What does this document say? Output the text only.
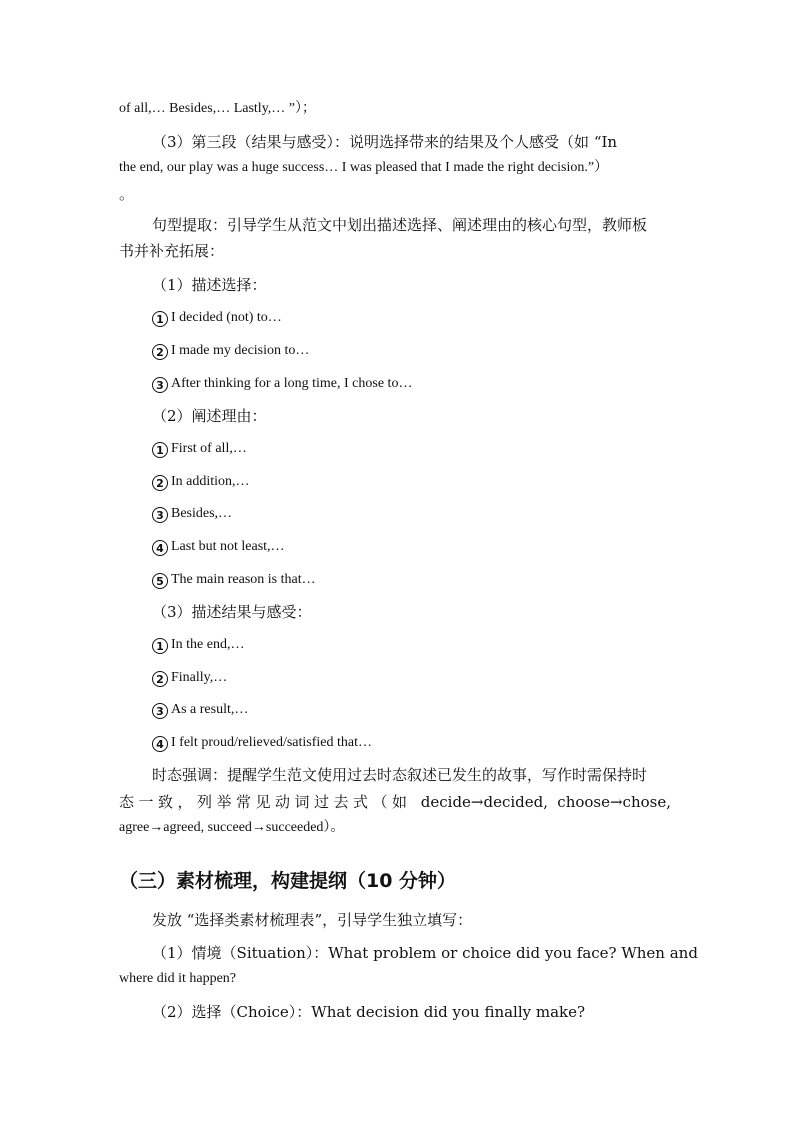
of all,… Besides,… Lastly,… ”）；
（3）第三段（结果与感受）：说明选择带来的结果及个人感受（如 “In
the end, our play was a huge success… I was pleased that I made the right decision.”）
。
句型提取：引导学生从范文中划出描述选择、阐述理由的核心句型，教师板
书并补充拓展：
（1）描述选择：
1 I decided (not) to…
2 I made my decision to…
3 After thinking for a long time, I chose to…
（2）阐述理由：
1 First of all,…
2 In addition,…
3 Besides,…
4 Last but not least,…
5 The main reason is that…
（3）描述结果与感受：
1 In the end,…
2 Finally,…
3 As a result,…
4 I felt proud/relieved/satisfied that…
时态强调：提醒学生范文使用过去时态叙述已发生的故事，写作时需保持时
态一致，列举常见动词过去式（如 decide→decided, choose→chose,
agree→agreed, succeed→succeeded）。
（三）素材梳理，构建提纲（10 分钟）
发放 “选择类素材梳理表”，引导学生独立填写：
（1）情境（Situation）：What problem or choice did you face? When and
where did it happen?
（2）选择（Choice）：What decision did you finally make?
